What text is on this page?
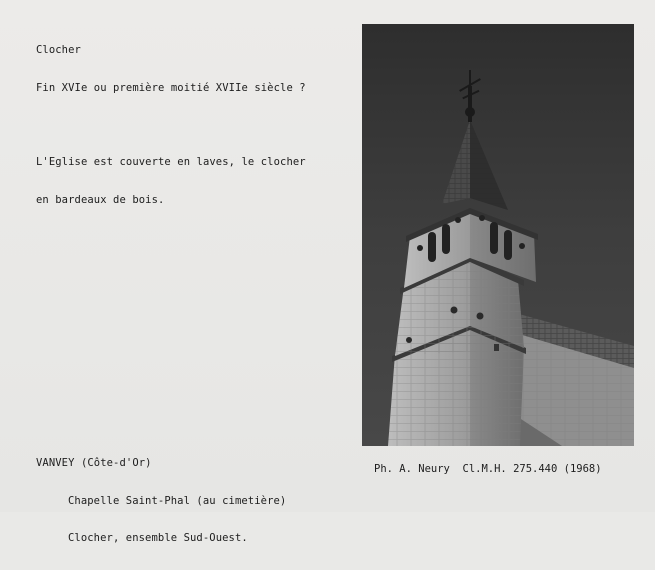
Clocher

Fin XVIe ou première moitié XVIIe siècle ?

L'Eglise est couverte en laves, le clocher

en bardeaux de bois.

VANVEY (Côte-d'Or)

Chapelle Saint-Phal (au cimetière)

Clocher, ensemble Sud-Ouest.

Ph. A. Neury  Cl.M.H. 275.440 (1968)
